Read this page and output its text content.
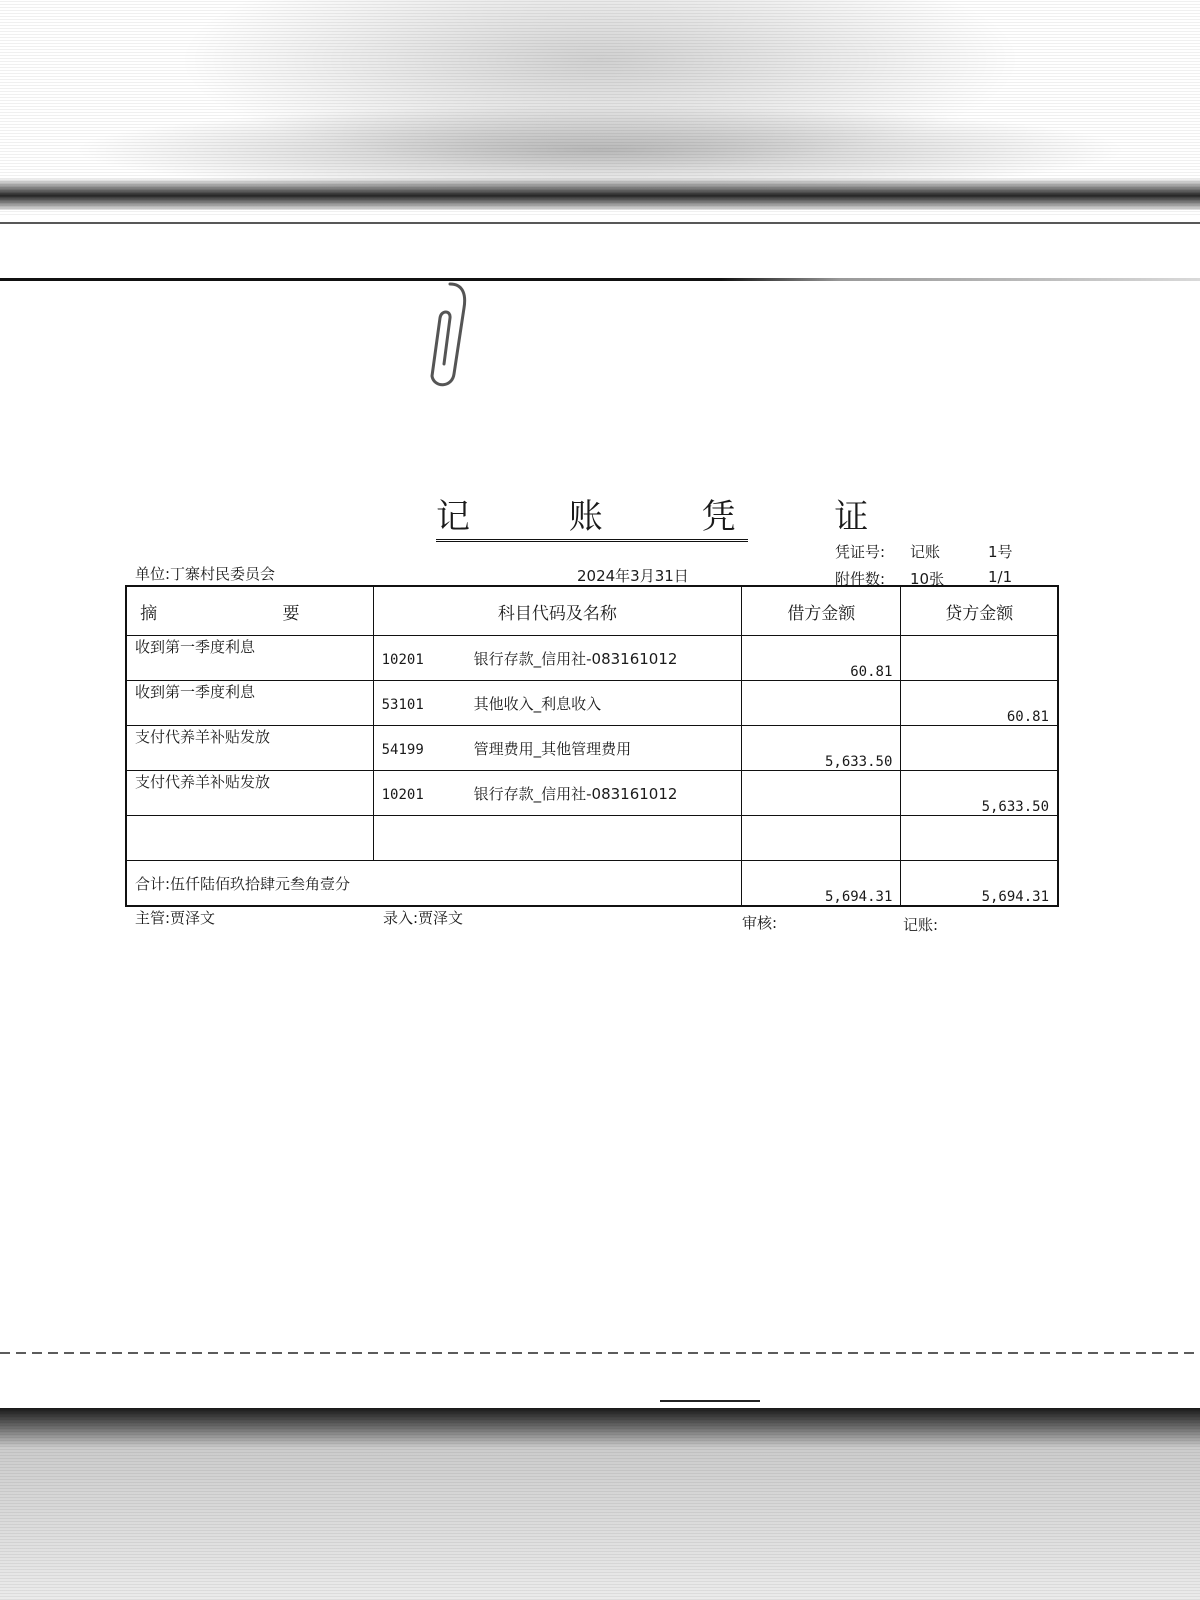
记 账 凭 证
单位:丁寨村民委员会	2024年3月31日
凭证号: 记账	1号
附件数: 10张	1/1
摘 要	科目代码及名称	借方金额	贷方金额
收到第一季度利息	10201 银行存款_信用社-083161012	60.81	
收到第一季度利息	53101 其他收入_利息收入		60.81
支付代养羊补贴发放	54199 管理费用_其他管理费用	5,633.50	
支付代养羊补贴发放	10201 银行存款_信用社-083161012		5,633.50

合计:伍仟陆佰玖拾肆元叁角壹分		5,694.31	5,694.31
主管:贾泽文	录入:贾泽文	审核:	记账:
